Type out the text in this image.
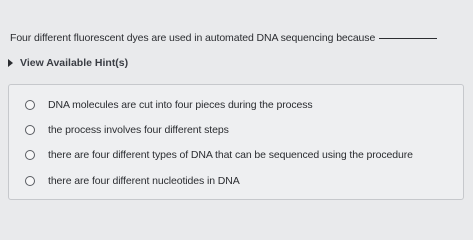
Four different fluorescent dyes are used in automated DNA sequencing because
View Available Hint(s)
DNA molecules are cut into four pieces during the process
the process involves four different steps
there are four different types of DNA that can be sequenced using the procedure
there are four different nucleotides in DNA
